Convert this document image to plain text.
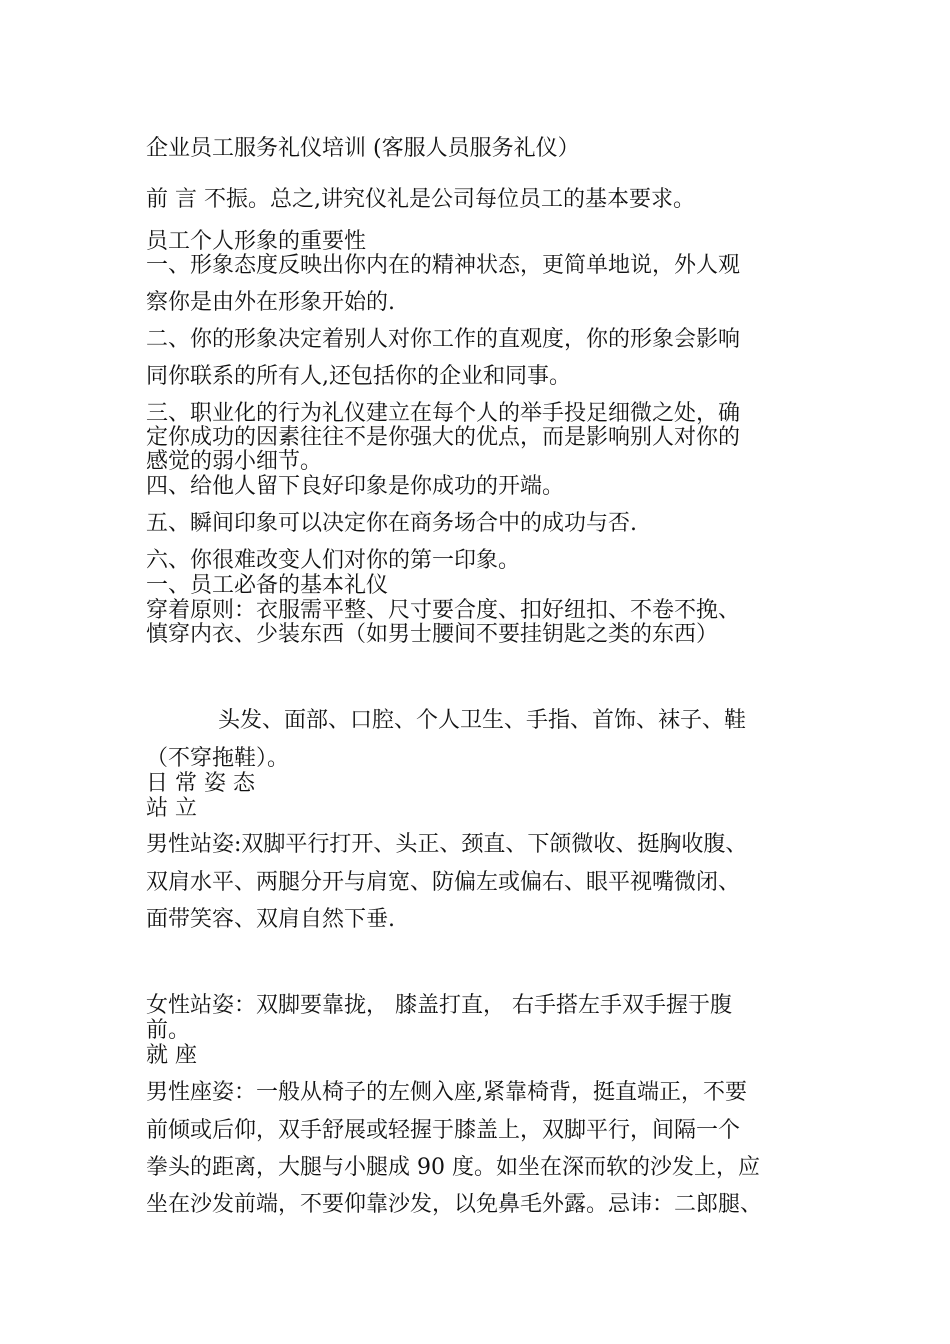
企业员工服务礼仪培训 (客服人员服务礼仪）

前 言 不振。总之,讲究仪礼是公司每位员工的基本要求。

员工个人形象的重要性

一、形象态度反映出你内在的精神状态，更简单地说，外人观

察你是由外在形象开始的.

二、你的形象决定着别人对你工作的直观度，你的形象会影响

同你联系的所有人,还包括你的企业和同事。

三、职业化的行为礼仪建立在每个人的举手投足细微之处，确

定你成功的因素往往不是你强大的优点，而是影响别人对你的

感觉的弱小细节。

四、给他人留下良好印象是你成功的开端。

五、瞬间印象可以决定你在商务场合中的成功与否.

六、你很难改变人们对你的第一印象。

一、员工必备的基本礼仪

穿着原则：衣服需平整、尺寸要合度、扣好纽扣、不卷不挽、

慎穿内衣、少装东西（如男士腰间不要挂钥匙之类的东西）

头发、面部、口腔、个人卫生、手指、首饰、袜子、鞋

（不穿拖鞋）。

日 常 姿 态

站 立

男性站姿:双脚平行打开、头正、颈直、下颌微收、挺胸收腹、

双肩水平、两腿分开与肩宽、防偏左或偏右、眼平视嘴微闭、

面带笑容、双肩自然下垂.

女性站姿：双脚要靠拢， 膝盖打直， 右手搭左手双手握于腹

前。

就 座

男性座姿：一般从椅子的左侧入座,紧靠椅背，挺直端正，不要

前倾或后仰，双手舒展或轻握于膝盖上，双脚平行，间隔一个

拳头的距离，大腿与小腿成 90 度。如坐在深而软的沙发上，应

坐在沙发前端，不要仰靠沙发，以免鼻毛外露。忌讳：二郎腿、
